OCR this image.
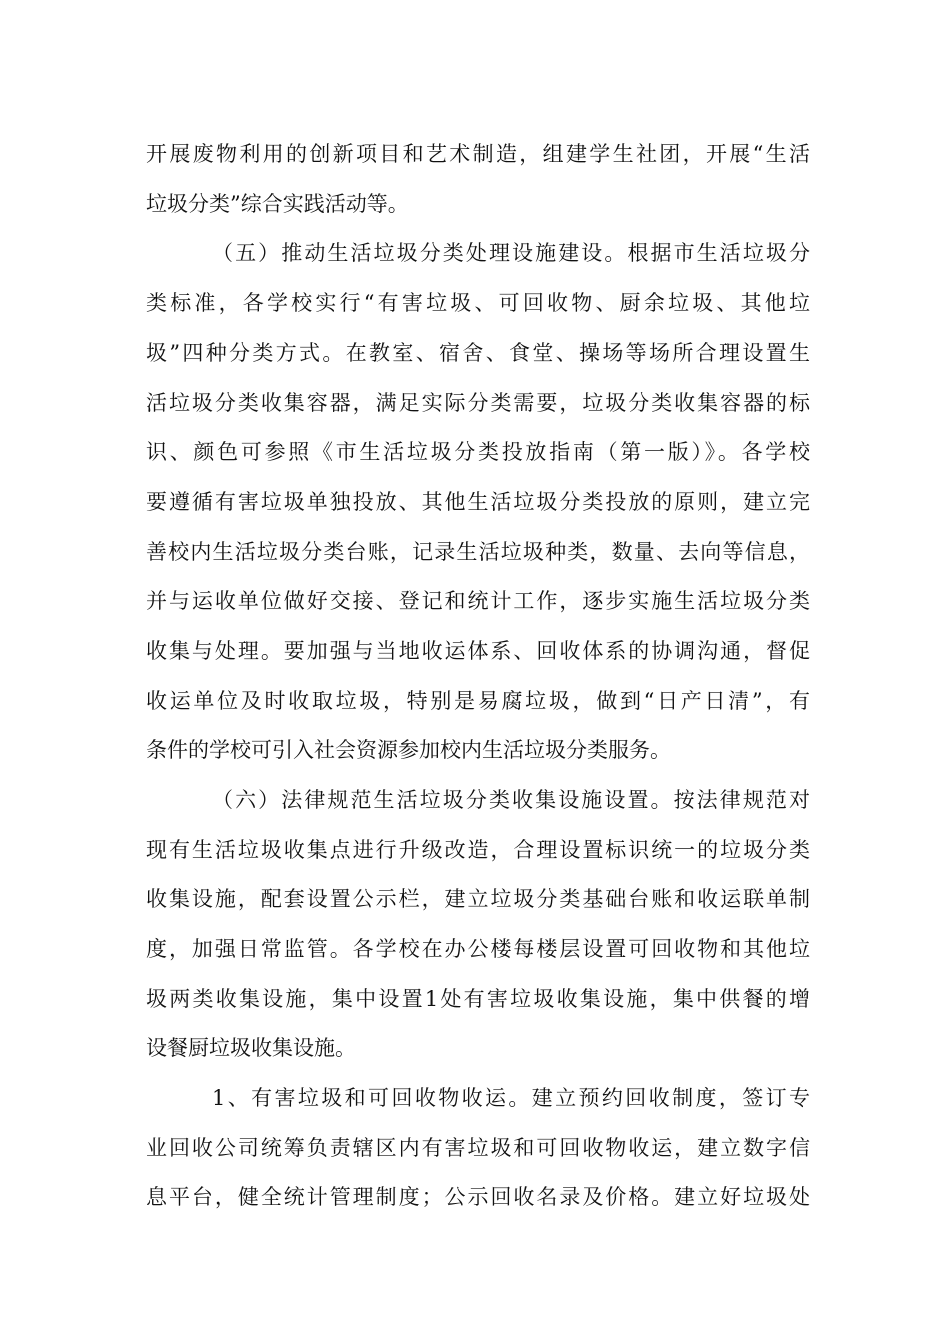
开展废物利用的创新项目和艺术制造，组建学生社团，开展“生活
垃圾分类”综合实践活动等。
（五）推动生活垃圾分类处理设施建设。根据市生活垃圾分
类标准，各学校实行“有害垃圾、可回收物、厨余垃圾、其他垃
圾”四种分类方式。在教室、宿舍、食堂、操场等场所合理设置生
活垃圾分类收集容器，满足实际分类需要，垃圾分类收集容器的标
识、颜色可参照《市生活垃圾分类投放指南（第一版）》。各学校
要遵循有害垃圾单独投放、其他生活垃圾分类投放的原则，建立完
善校内生活垃圾分类台账，记录生活垃圾种类，数量、去向等信息，
并与运收单位做好交接、登记和统计工作，逐步实施生活垃圾分类
收集与处理。要加强与当地收运体系、回收体系的协调沟通，督促
收运单位及时收取垃圾，特别是易腐垃圾，做到“日产日清”，有
条件的学校可引入社会资源参加校内生活垃圾分类服务。
（六）法律规范生活垃圾分类收集设施设置。按法律规范对
现有生活垃圾收集点进行升级改造，合理设置标识统一的垃圾分类
收集设施，配套设置公示栏，建立垃圾分类基础台账和收运联单制
度，加强日常监管。各学校在办公楼每楼层设置可回收物和其他垃
圾两类收集设施，集中设置1处有害垃圾收集设施，集中供餐的增
设餐厨垃圾收集设施。
1、有害垃圾和可回收物收运。建立预约回收制度，签订专
业回收公司统筹负责辖区内有害垃圾和可回收物收运，建立数字信
息平台，健全统计管理制度；公示回收名录及价格。建立好垃圾处
